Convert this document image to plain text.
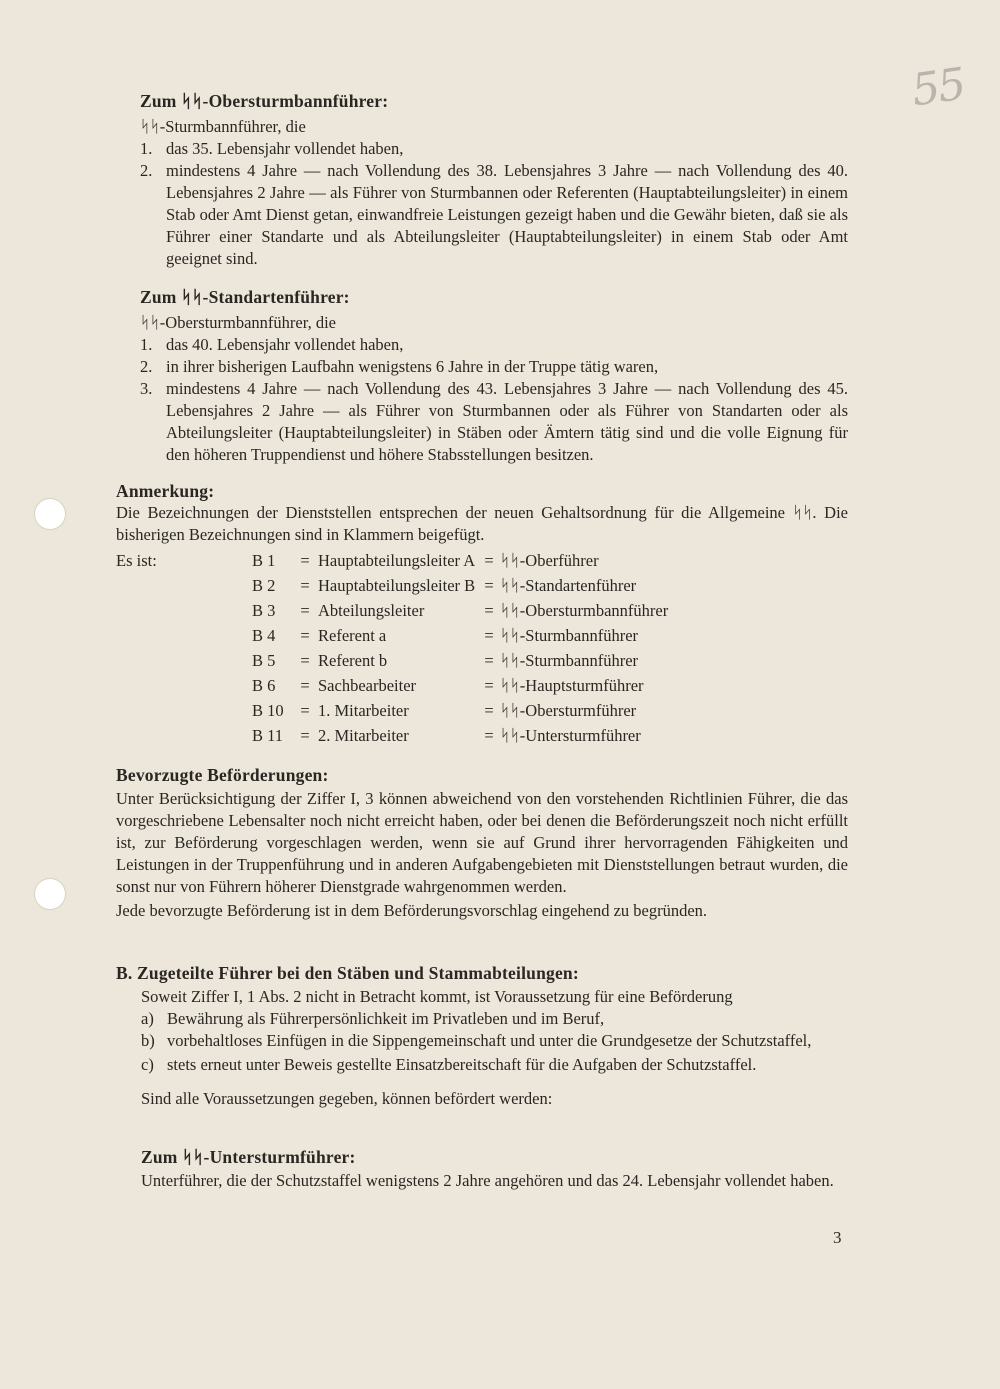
55
Zum ᛋᛋ-Obersturmbannführer:

ᛋᛋ-Sturmbannführer, die

1. das 35. Lebensjahr vollendet haben,
2. mindestens 4 Jahre — nach Vollendung des 38. Lebensjahres 3 Jahre — nach Vollendung des 40. Lebensjahres 2 Jahre — als Führer von Sturmbannen oder Referenten (Hauptabteilungsleiter) in einem Stab oder Amt Dienst getan, einwandfreie Leistungen gezeigt haben und die Gewähr bieten, daß sie als Führer einer Standarte und als Abteilungsleiter (Hauptabteilungsleiter) in einem Stab oder Amt geeignet sind.
Zum ᛋᛋ-Standartenführer:

ᛋᛋ-Obersturmbannführer, die

1. das 40. Lebensjahr vollendet haben,
2. in ihrer bisherigen Laufbahn wenigstens 6 Jahre in der Truppe tätig waren,
3. mindestens 4 Jahre — nach Vollendung des 43. Lebensjahres 3 Jahre — nach Vollendung des 45. Lebensjahres 2 Jahre — als Führer von Sturmbannen oder als Führer von Standarten oder als Abteilungsleiter (Hauptabteilungsleiter) in Stäben oder Ämtern tätig sind und die volle Eignung für den höheren Truppendienst und höhere Stabsstellungen besitzen.
Anmerkung:

Die Bezeichnungen der Dienststellen entsprechen der neuen Gehaltsordnung für die Allgemeine ᛋᛋ. Die bisherigen Bezeichnungen sind in Klammern beigefügt.

Es ist:	B 1	=	Hauptabteilungsleiter A	=	ᛋᛋ-Oberführer
	B 2	=	Hauptabteilungsleiter B	=	ᛋᛋ-Standartenführer
	B 3	=	Abteilungsleiter	=	ᛋᛋ-Obersturmbannführer
	B 4	=	Referent a	=	ᛋᛋ-Sturmbannführer
	B 5	=	Referent b	=	ᛋᛋ-Sturmbannführer
	B 6	=	Sachbearbeiter	=	ᛋᛋ-Hauptsturmführer
	B 10	=	1. Mitarbeiter	=	ᛋᛋ-Obersturmführer
	B 11	=	2. Mitarbeiter	=	ᛋᛋ-Untersturmführer
Bevorzugte Beförderungen:

Unter Berücksichtigung der Ziffer I, 3 können abweichend von den vorstehenden Richtlinien Führer, die das vorgeschriebene Lebensalter noch nicht erreicht haben, oder bei denen die Beförderungszeit noch nicht erfüllt ist, zur Beförderung vorgeschlagen werden, wenn sie auf Grund ihrer hervorragenden Fähigkeiten und Leistungen in der Truppenführung und in anderen Aufgabengebieten mit Dienststellungen betraut wurden, die sonst nur von Führern höherer Dienstgrade wahrgenommen werden.

Jede bevorzugte Beförderung ist in dem Beförderungsvorschlag eingehend zu begründen.

B. Zugeteilte Führer bei den Stäben und Stammabteilungen:

Soweit Ziffer I, 1 Abs. 2 nicht in Betracht kommt, ist Voraussetzung für eine Beförderung

a) Bewährung als Führerpersönlichkeit im Privatleben und im Beruf,
b) vorbehaltloses Einfügen in die Sippengemeinschaft und unter die Grundgesetze der Schutzstaffel,
c) stets erneut unter Beweis gestellte Einsatzbereitschaft für die Aufgaben der Schutzstaffel.

Sind alle Voraussetzungen gegeben, können befördert werden:

Zum ᛋᛋ-Untersturmführer:

Unterführer, die der Schutzstaffel wenigstens 2 Jahre angehören und das 24. Lebensjahr vollendet haben.

3
